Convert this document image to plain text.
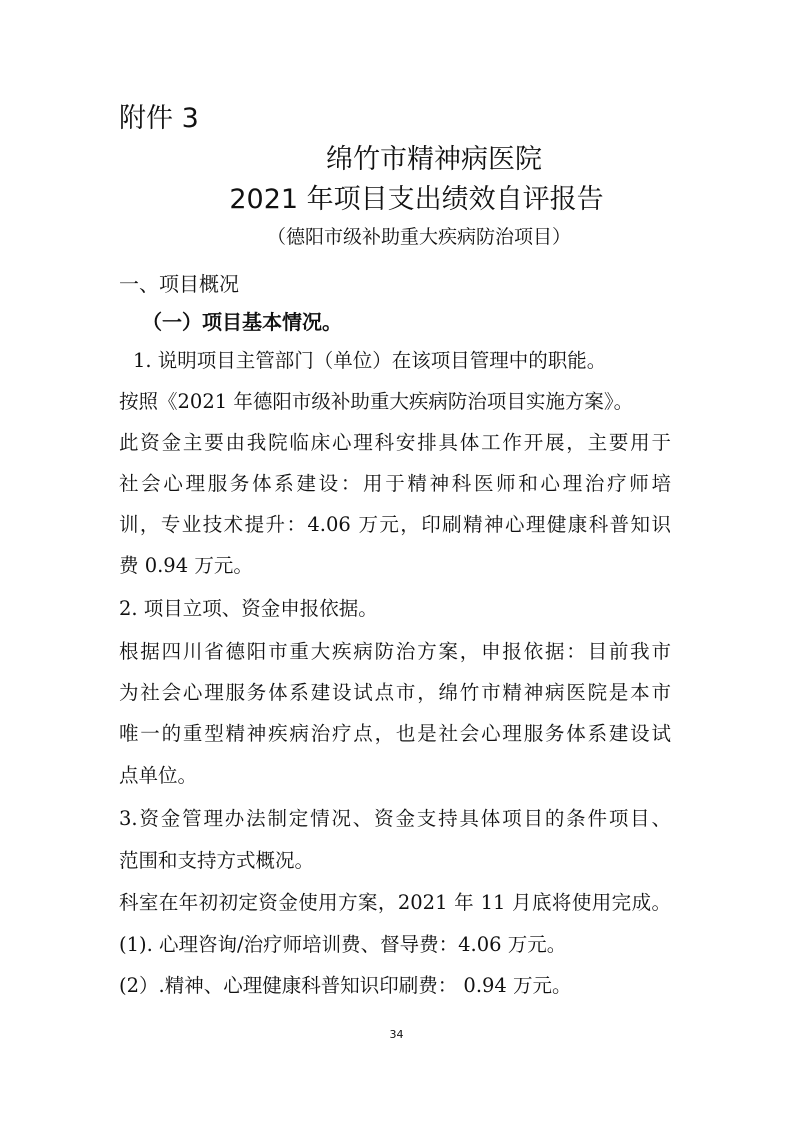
附件 3
绵竹市精神病医院
2021 年项目支出绩效自评报告
（德阳市级补助重大疾病防治项目）
一、项目概况
（一）项目基本情况。
1. 说明项目主管部门（单位）在该项目管理中的职能。
按照《2021 年德阳市级补助重大疾病防治项目实施方案》。
此资金主要由我院临床心理科安排具体工作开展，主要用于
社会心理服务体系建设：用于精神科医师和心理治疗师培
训，专业技术提升：4.06 万元，印刷精神心理健康科普知识
费 0.94 万元。
2. 项目立项、资金申报依据。
根据四川省德阳市重大疾病防治方案，申报依据：目前我市
为社会心理服务体系建设试点市，绵竹市精神病医院是本市
唯一的重型精神疾病治疗点，也是社会心理服务体系建设试
点单位。
3.资金管理办法制定情况、资金支持具体项目的条件项目、
范围和支持方式概况。
科室在年初初定资金使用方案，2021 年 11 月底将使用完成。
(1). 心理咨询/治疗师培训费、督导费：4.06 万元。
(2）.精神、心理健康科普知识印刷费： 0.94 万元。
34
